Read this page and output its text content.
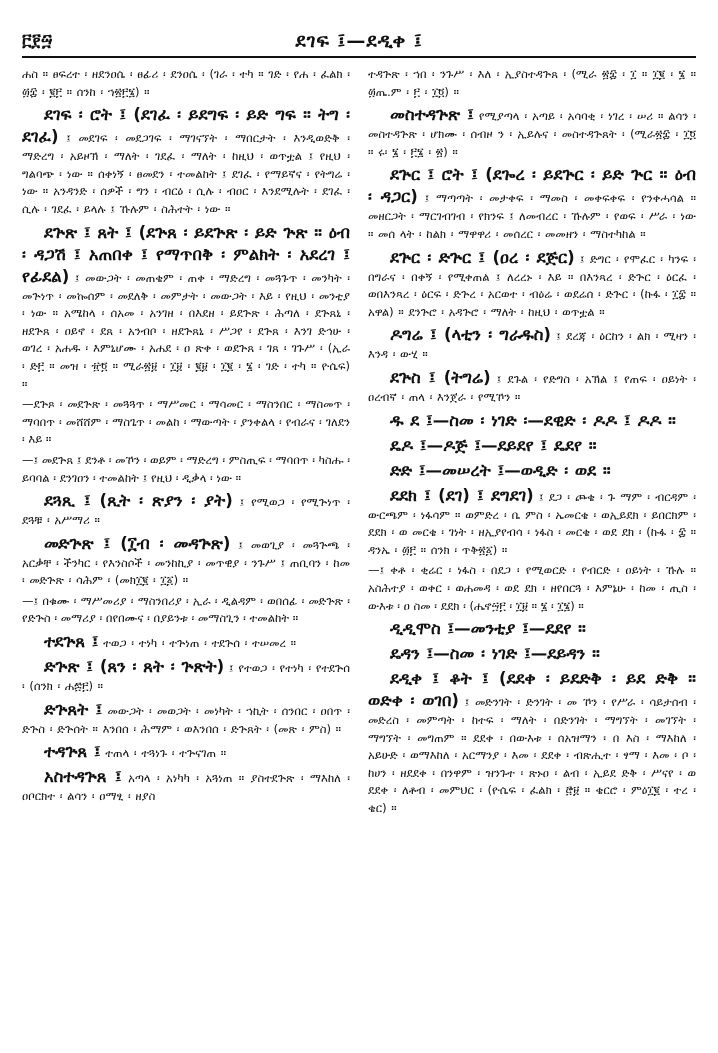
፫፻፵	ደገፍ ፤—ደዲቀ ፤

ሐስ ። ፀፍረተ ፡ ዘደንዐሴ ፡ ፀፊሪ ፡ ደንዐሴ ፡ (ገራ ፡ ተካ ። ገድ ፡ የሐ ፡ ፈልክ ፡ ፴፰ ፡ ፪፫ ። ሰንከ ፡ ኀ፳፫፮) ።

ደገፍ ፡ ሮት ፤ (ደገፈ ፡ ይደግፍ ፡ ይድ ግፍ ። ትግ ፡ ደገፈ) ፤ መደገፍ ፡ መደጋገፍ ፡ ማገናኘት ፡ ማበርታት ፡ እንዲወድቅ ፡ ማድረግ ፡ አይዞኽ ፡ ማለት ፡ ገደፈ ፡ ማለት ፡ ከዚህ ፡ ወጥቷል ፤ የዚህ ፡ ግልባጭ ፡ ነው ። ሰቀነኝ ፡ ፀመደን ፡ ተመልከት ፤ ደገፈ ፡ የማይኛና ፡ የትግሬ ፡ ነው ። አንዳንድ ፡ ሰዎች ፡ ግን ፡ ብርዕ ፡ ሲሉ ፡ ብዐር ፡ እንደሚሉት ፡ ደገፈ ፡ ሲሉ ፡ ገደፈ ፡ ይላሉ ፤ ኹሉም ፡ ስሕተት ፡ ነው ።

ደጕጽ ፤ ጸት ፤ (ደጕጸ ፡ ይደጕጽ ፡ ይድ ጕጽ ። ዕብ ፡ ዳጋሽ ፤ አጠበቀ ፤ የማጥበቅ ፡ ምልክት ፡ አደረገ ፤ የፊደል) ፤ መውጋት ፡ መጠቄም ፡ ጠቀ ፡ ማድረግ ፡ መጓጉጥ ፡ መንካት ፡ መጕነጥ ፡ መኰሰም ፡ መደለቅ ፡ መምታት ፡ መውጋት ፡ እይ ፡ የዚህ ፡ መንቲያ ፡ ነው ። አሜከላ ፡ ሰአመ ፡ አንገዘ ፡ በእደዘ ፡ ይደጕጽ ፡ ሕጣለ ፡ ደጕጸኒ ፡ ዘደጕጸ ፡ ዐይኖ ፡ ደጸ ፡ አንብቦ ፡ ዘደጕጸኒ ፡ ሥጋየ ፡ ደጕጸ ፡ እንገ ድኅሁ ፡ ወገረ ፡ አሐዱ ፡ እምኒሆሙ ፡ አሐደ ፡ ዐ ጽቀ ፡ ወደጕጸ ፡ ገጸ ፡ ገጉሥ ፡ (ኢራ ፡ ድ፫ ። መዝ ፡ ፹፬ ። ሚራ፳፱ ፡ ፲፱ ፡ ፪፱ ፡ ፲፪ ፡ ፮ ፡ ገድ ፡ ተካ ። ዮሴፍ) ።

—ደጕጾ ፡ መደጕጽ ፡ መጓጓጥ ፡ ማሥመር ፡ ማሳመር ፡ ማስንበር ፡ ማስመጥ ፡ ማባበጥ ፡ መሸሸም ፡ ማስጌጥ ፡ መልከ ፡ ማውጣት ፡ ያንቀልላ ፡ የብራና ፡ ገለደን ፡ እይ ።

—፤ መደጕጸ ፤ ደንቶ ፡ መኾን ፡ ወይም ፡ ማድረግ ፡ ምስጢፍ ፡ ማባበጥ ፡ ካስሑ ፡ ይባባል ፡ ደንገዐን ፡ ተመልከት ፤ የዚህ ፡ ዲቃላ ፡ ነው ።

ደጓጺ ፤ (ጺት ፡ ጽያን ፡ ያት) ፤ የሚወጋ ፡ የሚጕነጥ ፡ ደጓቹ ፡ አሥማሪ ።

መድጕጽ ፤ (፲ብ ፡ መዳጕጽ) ፤ መወጊያ ፡ መጓጕጫ ፡ አርቃቸ ፡ ችንካር ፡ የእንስሶች ፡ መንከኪያ ፡ መጥዊያ ፡ ንጉሥ ፤ ጠቢባን ፡ ከመ ፡ መድጕጽ ፡ ሳሕም ፡ (መክ፲፪ ፡ ፲፩) ።

—፤ በቁሙ ፡ ማሥመሪያ ፡ ማስንበሪያ ፡ ኢራ ፡ ዲልዳም ፡ ወበሰፊ ፡ መድጕጽ ፡ የድጕስ ፡ መማሪያ ፡ በየበሙና ፡ በያይንቱ ፡ መማስጊን ፡ ተመልከት ።

ተደጕጸ ፤ ተወጋ ፡ ተነካ ፡ ተጕነጠ ፡ ተደጕሰ ፡ ተሠመረ ።

ድጕጽ ፤ (ጸን ፡ ጸት ፡ ጕጽት) ፤ የተወጋ ፡ የተነካ ፡ የተደጕሰ ፡ (ሰንክ ፡ ሐ፷፫) ።

ድጕጸት ፤ መውጋት ፡ መወጋት ፡ መነካት ፡ ኀኪት ፡ ሰንበር ፡ ዐበጥ ፡ ድጕስ ፡ ድጕሰት ። እንበሰ ፡ ሕማም ፡ ወእንበሰ ፡ ድጕጸት ፡ (መጽ ፡ ምስ) ።

ተዳጕጸ ፤ ተጠላ ፡ ተጓነጉ ፡ ተጕናገጠ ።

አስተዳጕጸ ፤ አጣላ ፡ አነካካ ፡ አጓነጠ ። ያስተደጕጽ ፡ ማእከለ ፡ ዐቦርክተ ፡ ልሳን ፡ ዐማፂ ፡ ዘያስ

ተዳጕጽ ፡ ኀበ ፡ ንጉሥ ፡ እለ ፡ ኢያስተዳጕጸ ፡ (ሚራ ፳፰ ፡ ፲ ። ፲፪ ፡ ፮ ። ፴ጤ.ም ፡ ፫ ፡ ፲፬) ።

መስተዳጕጽ ፤ የሚያጣላ ፡ አጣይ ፡ አሳባቂ ፡ ነገረ ፡ ሠሪ ። ልሳን ፡ መስተዳጕጽ ፡ ሆክሙ ፡ ሰብዞ ን ፡ ኢይሉና ፡ መስተዳጕጸት ፡ (ሚራ፳፰ ፡ ፲፬ ። ሩ፡ ፮ ፡ ፫፮ ፡ ፳) ።

ደጕር ፤ ሮት ፤ (ደጐረ ፡ ይደጕር ፡ ይድ ጕር ። ዕብ ፡ ዳጋር) ፤ ማጣጣት ፡ መታቀፍ ፡ ማመስ ፡ መቀፍቀፍ ፡ የንቀሓሳል ። መዘርጋት ፡ ማርገብገብ ፡ የክንፍ ፤ ለመብረር ፡ ኹሉም ፡ የወፍ ፡ ሥራ ፡ ነው ። መሰ ላት ፡ ከልክ ፡ ማዋዋሪ ፡ መሰረር ፡ መመዘን ፡ ማስተካከል ።

ደጕር ፡ ድጕር ፤ (ዐረ ፡ ደጅር) ፤ ድግር ፡ የሞፈር ፡ ካንፍ ፡ በግራና ፡ በቀኝ ፡ የሚቀጠል ፤ ለረረኑ ፡ እይ ። በእንጻረ ፡ ድጕር ፡ ዕርፈ ፡ ወበእንጻረ ፡ ዕርፍ ፡ ድጕረ ፡ አርወተ ፡ ብዕሬ ፡ ወደሬሰ ፡ ድጕር ፡ (ኩፋ ፡ ፲፰ ። አዋል) ። ደንጕሮ ፡ አዳጕሮ ፡ ማለት ፡ ከዚህ ፡ ወጥቷል ።

ዶግሬ ፤ (ላቲን ፡ ግራዱስ) ፤ ደረጃ ፡ ዕርከን ፡ ልክ ፡ ሚዛን ፡ እንዳ ፡ ውሂ ።

ደጕስ ፤ (ትግሬ) ፤ ደጉል ፡ የድግስ ፡ አኽል ፤ የጠፍ ፡ ዐይነት ፡ ዐረብኛ ፡ ጠላ ፡ እንጀራ ፡ የሚኾን ።

ዱ ደ ፤—ስመ ፡ ነገድ ፡—ደዊድ ፡ ዶዶ ፤ ዶዶ ።

ዴዶ ፤—ዶጅ ፤—ደይደየ ፤ ዴደየ ።

ድድ ፤—መሠረት ፤—ወዲድ ፡ ወደ ።

ደደክ ፤ (ደገ) ፤ ደግደገ) ፤ ደጋ ፡ ጮቄ ፡ ጉ ማም ፡ ብርዳም ፡ ውርጫም ፡ ነፋሳም ። ወምድረ ፡ ቤ ምስ ፡ ኤመርቄ ፡ ወኢይደክ ፡ ይበርክም ፡ ደደክ ፡ ወ መርቄ ፡ ገነት ፡ ዘኢያየብሳ ፡ ነፋስ ፡ መርቄ ፡ ወደ ደክ ፡ (ኩፋ ፡ ፰ ። ዳንኤ ፡ ፴፫ ። ሰንክ ፡ ጥቅ፳፩) ።

—፤ ቀቶ ፡ ቂሬር ፡ ነፋስ ፡ በደጋ ፡ የሚወርድ ፡ የብርድ ፡ ዐይነት ፡ ኹሉ ። አስሕተያ ፡ ወቀር ፡ ወሐመዳ ፡ ወደ ደክ ፡ ዘየበርጓ ፡ እምኔሁ ፡ ከመ ፡ ጢስ ፡ ውእቱ ፡ ዐ ስመ ፡ ደደክ ፡ (ሔኖ፵፫ ፡ ፲፱ ። ፮ ፡ ፲፮) ።

ዲዲሞስ ፤—መንቲያ ፤—ደደየ ።

ዴዳን ፤—ስመ ፡ ነገድ ፤—ደይዳን ።

ደዲቀ ፤ ቆት ፤ (ደደቀ ፡ ይደድቅ ፡ ይደ ድቅ ። ወድቀ ፡ ወገበ) ፤ መድንገት ፡ ድንገት ፡ መ ኾን ፡ የሥራ ፡ ሳይታሰብ ፡ መድረስ ፡ መምጣት ፡ ከተፍ ፡ ማለት ፡ በድንገት ፡ ማግኘት ፡ መገኘት ፡ ማግኘት ፡ መግጠም ። ደደቀ ፡ በውእቱ ፡ ሰአዝማን ፡ በ እስ ፡ ማእከለ ፡ አይሁድ ፡ ወማእከለ ፡ አርማንያ ፡ እመ ፡ ደደቀ ፡ ብጽሒተ ፡ ፃማ ፡ እመ ፡ ቦ ፡ ከሀን ፡ ዘደደቀ ፡ በንዋም ፡ ዝንጉተ ፡ ጽኑዐ ፡ ልብ ፡ ኢይደ ድቅ ፡ ሥናየ ፡ ወ ደደቀ ፡ ለቶብ ፡ መምህር ፡ (ዮሴፍ ፡ ፈልክ ፡ ፸፱ ። ቄርሮ ፡ ምዕ፲፪ ፡ ተረ ፡ ቄር) ።
